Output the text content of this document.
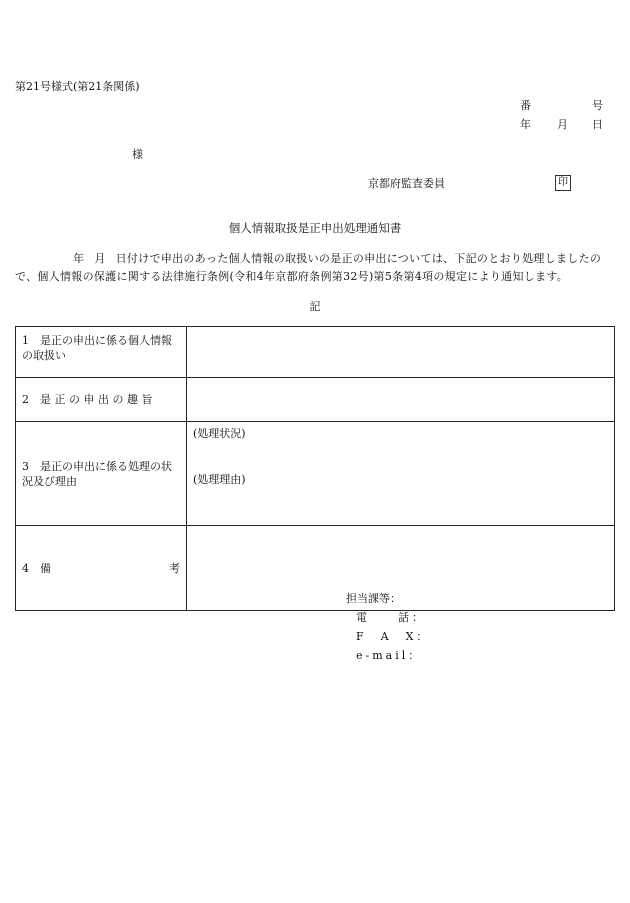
第21号様式(第21条関係)
番	号
年 月 日
様
京都府監査委員	印
個人情報取扱是正申出処理通知書
年 月 日付けで申出のあった個人情報の取扱いの是正の申出については、下記のとおり処理しましたので、個人情報の保護に関する法律施行条例(令和4年京都府条例第32号)第5条第4項の規定により通知します。
記
1　是正の申出に係る個人情報の取扱い	
2　是 正 の 申 出 の 趣 旨	
3　是正の申出に係る処理の状況及び理由	(処理状況)
(処理理由)

4　備 考	

担当課等：
電　　話：
F　A　X：
e-mail：
